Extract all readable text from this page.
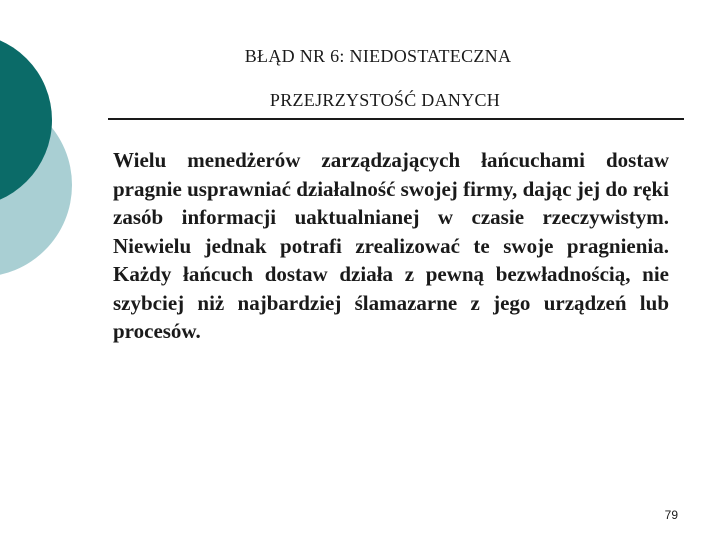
BŁĄD NR 6: NIEDOSTATECZNA
PRZEJRZYSTOŚĆ DANYCH

Wielu menedżerów zarządzających łańcuchami dostaw pragnie usprawniać działalność swojej firmy, dając jej do ręki zasób informacji uaktualnianej w czasie rzeczywistym. Niewielu jednak potrafi zrealizować te swoje pragnienia. Każdy łańcuch dostaw działa z pewną bezwładnością, nie szybciej niż najbardziej ślamazarne z jego urządzeń lub procesów.

79
